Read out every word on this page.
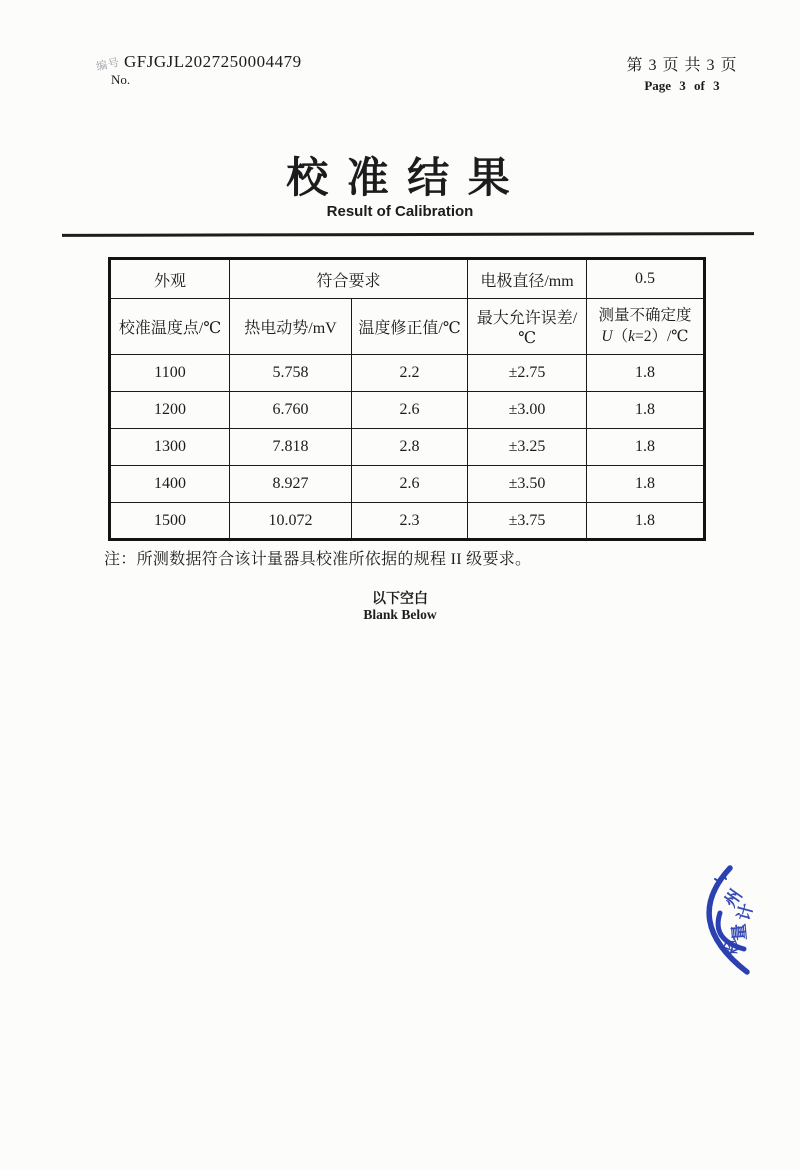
编号 GFJGJL2027250004479
No.
第 3 页 共 3 页
Page 3 of 3
校 准 结 果
Result of Calibration
外观	符合要求		电极直径/mm	0.5
校准温度点/℃	热电动势/mV	温度修正值/℃	最大允许误差/℃	测量不确定度
U（k=2）/℃

1100	5.758	2.2	±2.75	1.8
1200	6.760	2.6	±3.00	1.8
1300	7.818	2.8	±3.25	1.8
1400	8.927	2.6	±3.50	1.8
1500	10.072	2.3	±3.75	1.8
注：所测数据符合该计量器具校准所依据的规程 II 级要求。
以下空白
Blank Below
州
计
量
检
